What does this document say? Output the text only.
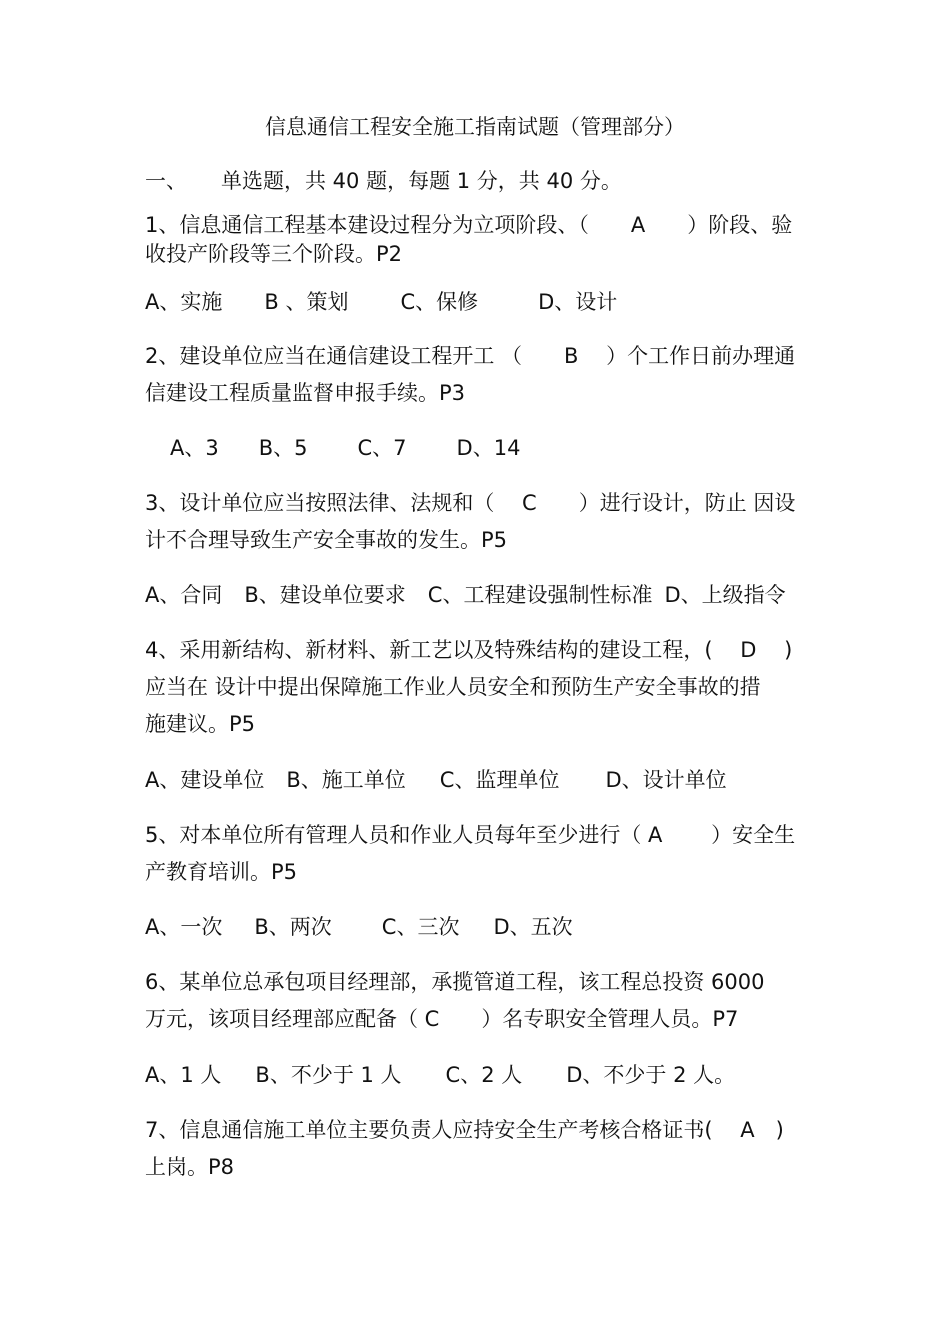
信息通信工程安全施工指南试题（管理部分）
一、 单选题，共 40 题，每题 1 分，共 40 分。
1、信息通信工程基本建设过程分为立项阶段、（　　A　　）阶段、验
收投产阶段等三个阶段。P2
A、实施 B 、策划 C、保修	D、设计
2、建设单位应当在通信建设工程开工 （　　B　 ）个工作日前办理通
信建设工程质量监督申报手续。P3
A、3 B、5 C、7 D、14
3、设计单位应当按照法律、法规和（　 C　　）进行设计，防止 因设
计不合理导致生产安全事故的发生。P5
A、合同 B、建设单位要求 C、工程建设强制性标准 D、上级指令
4、采用新结构、新材料、新工艺以及特殊结构的建设工程，(　 D　 )
应当在 设计中提出保障施工作业人员安全和预防生产安全事故的措
施建议。P5
A、建设单位 B、施工单位 C、监理单位 D、设计单位
5、对本单位所有管理人员和作业人员每年至少进行（ A　　 ）安全生
产教育培训。P5
A、一次 B、两次 C、三次 D、五次
6、某单位总承包项目经理部，承揽管道工程，该工程总投资 6000
万元，该项目经理部应配备（ C　　）名专职安全管理人员。P7
A、1 人 B、不少于 1 人 C、2 人 D、不少于 2 人。
7、信息通信施工单位主要负责人应持安全生产考核合格证书(　 A　)
上岗。P8
